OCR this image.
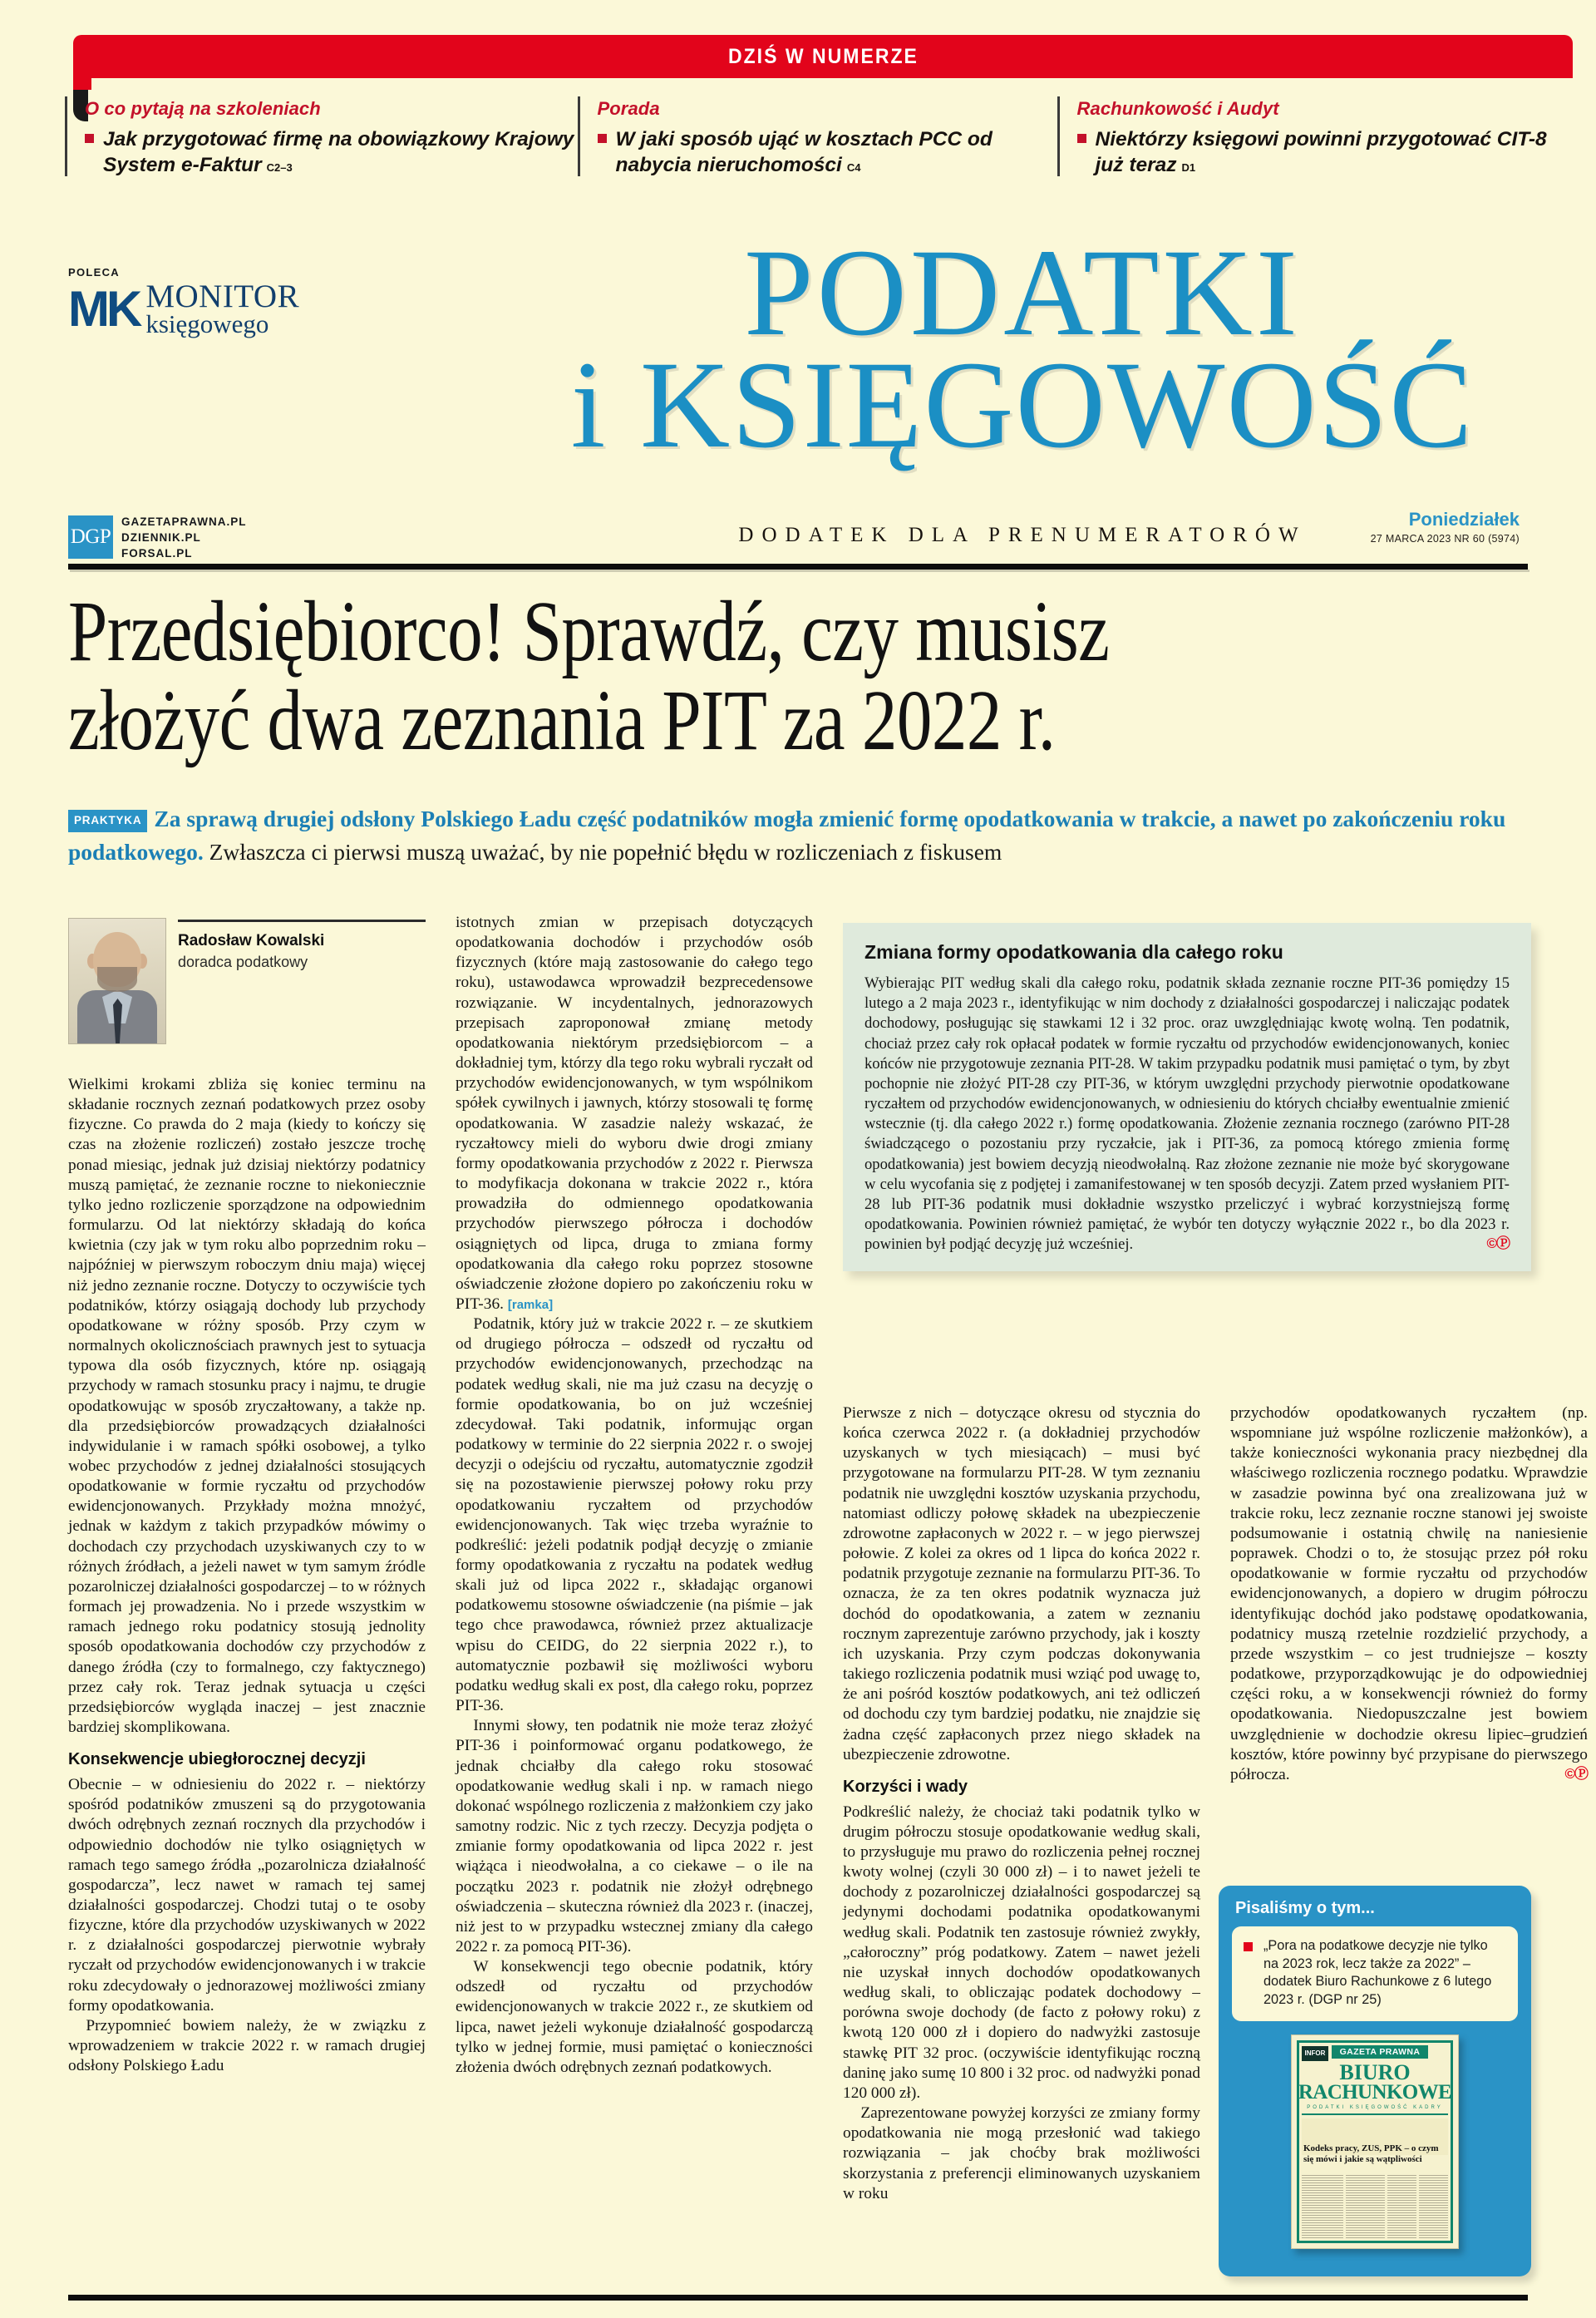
DZIŚ W NUMERZE
O co pytają na szkoleniach
Jak przygotować firmę na obowiązkowy Krajowy System e-Faktur C2–3
Porada
W jaki sposób ująć w kosztach PCC od nabycia nieruchomości C4
Rachunkowość i Audyt
Niektórzy księgowi powinni przygotować CIT-8 już teraz D1
POLECA
MK MONITOR
księgowego	PODATKI
i KSIĘGOWOŚĆ
DODATEK DLA PRENUMERATORÓW
DGP
GAZETAPRAWNA.PL
DZIENNIK.PL
FORSAL.PL
Poniedziałek
27 MARCA 2023 NR 60 (5974)
Przedsiębiorco! Sprawdź, czy musisz
złożyć dwa zeznania PIT za 2022 r.
PRAKTYKA Za sprawą drugiej odsłony Polskiego Ładu część podatników mogła zmienić formę opodatkowania w trakcie, a nawet po zakończeniu roku podatkowego. Zwłaszcza ci pierwsi muszą uważać, by nie popełnić błędu w rozliczeniach z fiskusem
Radosław Kowalski
doradca podatkowy

Wielkimi krokami zbliża się koniec terminu na składanie rocznych zeznań podatkowych przez osoby fizyczne. Co prawda do 2 maja (kiedy to kończy się czas na złożenie rozliczeń) zostało jeszcze trochę ponad miesiąc, jednak już dzisiaj niektórzy podatnicy muszą pamiętać, że zeznanie roczne to niekoniecznie tylko jedno rozliczenie sporządzone na odpowiednim formularzu. Od lat niektórzy składają do końca kwietnia (czy jak w tym roku albo poprzednim roku – najpóźniej w pierwszym roboczym dniu maja) więcej niż jedno zeznanie roczne. Dotyczy to oczywiście tych podatników, którzy osiągają dochody lub przychody opodatkowane w różny sposób. Przy czym w normalnych okolicznościach prawnych jest to sytuacja typowa dla osób fizycznych, które np. osiągają przychody w ramach stosunku pracy i najmu, te drugie opodatkowując w sposób zryczałtowany, a także np. dla przedsiębiorców prowadzących działalności indywidulanie i w ramach spółki osobowej, a tylko wobec przychodów z jednej działalności stosujących opodatkowanie w formie ryczałtu od przychodów ewidencjonowanych. Przykłady można mnożyć, jednak w każdym z takich przypadków mówimy o dochodach czy przychodach uzyskiwanych czy to w różnych źródłach, a jeżeli nawet w tym samym źródle pozarolniczej działalności gospodarczej – to w różnych formach jej prowadzenia. No i przede wszystkim w ramach jednego roku podatnicy stosują jednolity sposób opodatkowania dochodów czy przychodów z danego źródła (czy to formalnego, czy faktycznego) przez cały rok. Teraz jednak sytuacja u części przedsiębiorców wygląda inaczej – jest znacznie bardziej skomplikowana.

Konsekwencje ubiegłorocznej decyzji

Obecnie – w odniesieniu do 2022 r. – niektórzy spośród podatników zmuszeni są do przygotowania dwóch odrębnych zeznań rocznych dla przychodów i odpowiednio dochodów nie tylko osiągniętych w ramach tego samego źródła „pozarolnicza działalność gospodarcza”, lecz nawet w ramach tej samej działalności gospodarczej. Chodzi tutaj o te osoby fizyczne, które dla przychodów uzyskiwanych w 2022 r. z działalności gospodarczej pierwotnie wybrały ryczałt od przychodów ewidencjonowanych i w trakcie roku zdecydowały o jednorazowej możliwości zmiany formy opodatkowania.

Przypomnieć bowiem należy, że w związku z wprowadzeniem w trakcie 2022 r. w ramach drugiej odsłony Polskiego Ładu

istotnych zmian w przepisach dotyczących opodatkowania dochodów i przychodów osób fizycznych (które mają zastosowanie do całego tego roku), ustawodawca wprowadził bezprecedensowe rozwiązanie. W incydentalnych, jednorazowych przepisach zaproponował zmianę metody opodatkowania niektórym przedsiębiorcom – a dokładniej tym, którzy dla tego roku wybrali ryczałt od przychodów ewidencjonowanych, w tym wspólnikom spółek cywilnych i jawnych, którzy stosowali tę formę opodatkowania. W zasadzie należy wskazać, że ryczałtowcy mieli do wyboru dwie drogi zmiany formy opodatkowania przychodów z 2022 r. Pierwsza to modyfikacja dokonana w trakcie 2022 r., która prowadziła do odmiennego opodatkowania przychodów pierwszego półrocza i dochodów osiągniętych od lipca, druga to zmiana formy opodatkowania dla całego roku poprzez stosowne oświadczenie złożone dopiero po zakończeniu roku w PIT-36. [ramka]

Podatnik, który już w trakcie 2022 r. – ze skutkiem od drugiego półrocza – odszedł od ryczałtu od przychodów ewidencjonowanych, przechodząc na podatek według skali, nie ma już czasu na decyzję o formie opodatkowania, bo on już wcześniej zdecydował. Taki podatnik, informując organ podatkowy w terminie do 22 sierpnia 2022 r. o swojej decyzji o odejściu od ryczałtu, automatycznie zgodził się na pozostawienie pierwszej połowy roku przy opodatkowaniu ryczałtem od przychodów ewidencjonowanych. Tak więc trzeba wyraźnie to podkreślić: jeżeli podatnik podjął decyzję o zmianie formy opodatkowania z ryczałtu na podatek według skali już od lipca 2022 r., składając organowi podatkowemu stosowne oświadczenie (na piśmie – jak tego chce prawodawca, również przez aktualizacje wpisu do CEIDG, do 22 sierpnia 2022 r.), to automatycznie pozbawił się możliwości wyboru podatku według skali ex post, dla całego roku, poprzez PIT-36.

Innymi słowy, ten podatnik nie może teraz złożyć PIT-36 i poinformować organu podatkowego, że jednak chciałby dla całego roku stosować opodatkowanie według skali i np. w ramach niego dokonać wspólnego rozliczenia z małżonkiem czy jako samotny rodzic. Nic z tych rzeczy. Decyzja podjęta o zmianie formy opodatkowania od lipca 2022 r. jest wiążąca i nieodwołalna, a co ciekawe – o ile na początku 2023 r. podatnik nie złożył odrębnego oświadczenia – skuteczna również dla 2023 r. (inaczej, niż jest to w przypadku wstecznej zmiany dla całego 2022 r. za pomocą PIT-36).

W konsekwencji tego obecnie podatnik, który odszedł od ryczałtu od przychodów ewidencjonowanych w trakcie 2022 r., ze skutkiem od lipca, nawet jeżeli wykonuje działalność gospodarczą tylko w jednej formie, musi pamiętać o konieczności złożenia dwóch odrębnych zeznań podatkowych.

Pierwsze z nich – dotyczące okresu od stycznia do końca czerwca 2022 r. (a dokładniej przychodów uzyskanych w tych miesiącach) – musi być przygotowane na formularzu PIT-28. W tym zeznaniu podatnik nie uwzględni kosztów uzyskania przychodu, natomiast odliczy połowę składek na ubezpieczenie zdrowotne zapłaconych w 2022 r. – w jego pierwszej połowie. Z kolei za okres od 1 lipca do końca 2022 r. podatnik przygotuje zeznanie na formularzu PIT-36. To oznacza, że za ten okres podatnik wyznacza już dochód do opodatkowania, a zatem w zeznaniu rocznym zaprezentuje zarówno przychody, jak i koszty ich uzyskania. Przy czym podczas dokonywania takiego rozliczenia podatnik musi wziąć pod uwagę to, że ani pośród kosztów podatkowych, ani też odliczeń od dochodu czy tym bardziej podatku, nie znajdzie się żadna część zapłaconych przez niego składek na ubezpieczenie zdrowotne.

Korzyści i wady

Podkreślić należy, że chociaż taki podatnik tylko w drugim półroczu stosuje opodatkowanie według skali, to przysługuje mu prawo do rozliczenia pełnej rocznej kwoty wolnej (czyli 30 000 zł) – i to nawet jeżeli te dochody z pozarolniczej działalności gospodarczej są jedynymi dochodami podatnika opodatkowanymi według skali. Podatnik ten zastosuje również zwykły, „całoroczny” próg podatkowy. Zatem – nawet jeżeli nie uzyskał innych dochodów opodatkowanych według skali, to obliczając podatek dochodowy – porówna swoje dochody (de facto z połowy roku) z kwotą 120 000 zł i dopiero do nadwyżki zastosuje stawkę PIT 32 proc. (oczywiście identyfikując roczną daninę jako sumę 10 800 i 32 proc. od nadwyżki ponad 120 000 zł).

Zaprezentowane powyżej korzyści ze zmiany formy opodatkowania nie mogą przesłonić wad takiego rozwiązania – jak choćby brak możliwości skorzystania z preferencji eliminowanych uzyskaniem w roku

przychodów opodatkowanych ryczałtem (np. wspomniane już wspólne rozliczenie małżonków), a także konieczności wykonania pracy niezbędnej dla właściwego rozliczenia rocznego podatku. Wprawdzie w zasadzie powinna być ona zrealizowana już w trakcie roku, lecz zeznanie roczne stanowi jej swoiste podsumowanie i ostatnią chwilę na naniesienie poprawek. Chodzi o to, że stosując przez pół roku opodatkowanie w formie ryczałtu od przychodów ewidencjonowanych, a dopiero w drugim półroczu identyfikując dochód jako podstawę opodatkowania, podatnicy muszą rzetelnie rozdzielić przychody, a przede wszystkim – co jest trudniejsze – koszty podatkowe, przyporządkowując je do odpowiedniej części roku, a w konsekwencji również do formy opodatkowania. Niedopuszczalne jest bowiem uwzględnienie w dochodzie okresu lipiec–grudzień kosztów, które powinny być przypisane do pierwszego półrocza.	©Ⓟ

Zmiana formy opodatkowania dla całego roku

Wybierając PIT według skali dla całego roku, podatnik składa zeznanie roczne PIT-36 pomiędzy 15 lutego a 2 maja 2023 r., identyfikując w nim dochody z działalności gospodarczej i naliczając podatek dochodowy, posługując się stawkami 12 i 32 proc. oraz uwzględniając kwotę wolną. Ten podatnik, chociaż przez cały rok opłacał podatek w formie ryczałtu od przychodów ewidencjonowanych, koniec końców nie przygotowuje zeznania PIT-28. W takim przypadku podatnik musi pamiętać o tym, by zbyt pochopnie nie złożyć PIT-28 czy PIT-36, w którym uwzględni przychody pierwotnie opodatkowane ryczałtem od przychodów ewidencjonowanych, w odniesieniu do których chciałby ewentualnie zmienić wstecznie (tj. dla całego 2022 r.) formę opodatkowania. Złożenie zeznania rocznego (zarówno PIT-28 świadczącego o pozostaniu przy ryczałcie, jak i PIT-36, za pomocą którego zmienia formę opodatkowania) jest bowiem decyzją nieodwołalną. Raz złożone zeznanie nie może być skorygowane w celu wycofania się z podjętej i zamanifestowanej w ten sposób decyzji. Zatem przed wysłaniem PIT-28 lub PIT-36 podatnik musi dokładnie wszystko przeliczyć i wybrać korzystniejszą formę opodatkowania. Powinien również pamiętać, że wybór ten dotyczy wyłącznie 2022 r., bo dla 2023 r. powinien był podjąć decyzję już wcześniej.	©Ⓟ

Pisaliśmy o tym...

„Pora na podatkowe decyzje nie tylko na 2023 rok, lecz także za 2022” – dodatek Biuro Rachunkowe z 6 lutego 2023 r. (DGP nr 25)

INFOR	GAZETA PRAWNA
BIURO
RACHUNKOWE
PODATKI KSIĘGOWOŚĆ KADRY
Kodeks pracy, ZUS, PPK – o czym się mówi i jakie są wątpliwości
